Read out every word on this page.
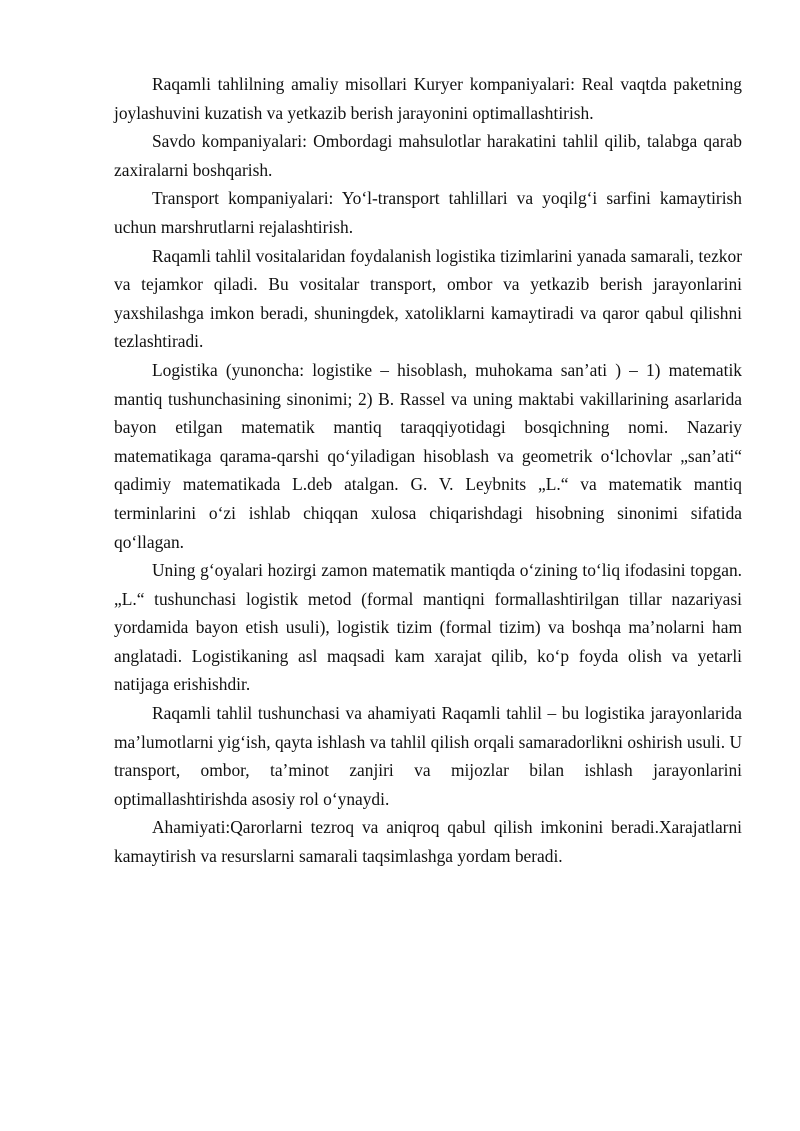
Raqamli tahlilning amaliy misollari Kuryer kompaniyalari: Real vaqtda paketning joylashuvini kuzatish va yetkazib berish jarayonini optimallashtirish.

Savdo kompaniyalari: Ombordagi mahsulotlar harakatini tahlil qilib, talabga qarab zaxiralarni boshqarish.

Transport kompaniyalari: Yo‘l-transport tahlillari va yoqilg‘i sarfini kamaytirish uchun marshrutlarni rejalashtirish.

Raqamli tahlil vositalaridan foydalanish logistika tizimlarini yanada samarali, tezkor va tejamkor qiladi. Bu vositalar transport, ombor va yetkazib berish jarayonlarini yaxshilashga imkon beradi, shuningdek, xatoliklarni kamaytiradi va qaror qabul qilishni tezlashtiradi.

Logistika (yunoncha: logistike – hisoblash, muhokama san’ati ) – 1) matematik mantiq tushunchasining sinonimi; 2) B. Rassel va uning maktabi vakillarining asarlarida bayon etilgan matematik mantiq taraqqiyotidagi bosqichning nomi. Nazariy matematikaga qarama-qarshi qo‘yiladigan hisoblash va geometrik o‘lchovlar „san’ati“ qadimiy matematikada L.deb atalgan. G. V. Leybnits „L.“ va matematik mantiq terminlarini o‘zi ishlab chiqqan xulosa chiqarishdagi hisobning sinonimi sifatida qo‘llagan.

Uning g‘oyalari hozirgi zamon matematik mantiqda o‘zining to‘liq ifodasini topgan. „L.“ tushunchasi logistik metod (formal mantiqni formallashtirilgan tillar nazariyasi yordamida bayon etish usuli), logistik tizim (formal tizim) va boshqa ma’nolarni ham anglatadi. Logistikaning asl maqsadi kam xarajat qilib, ko‘p foyda olish va yetarli natijaga erishishdir.

Raqamli tahlil tushunchasi va ahamiyati Raqamli tahlil – bu logistika jarayonlarida ma’lumotlarni yig‘ish, qayta ishlash va tahlil qilish orqali samaradorlikni oshirish usuli. U transport, ombor, ta’minot zanjiri va mijozlar bilan ishlash jarayonlarini optimallashtirishda asosiy rol o‘ynaydi.

Ahamiyati:Qarorlarni tezroq va aniqroq qabul qilish imkonini beradi.Xarajatlarni kamaytirish va resurslarni samarali taqsimlashga yordam beradi.
